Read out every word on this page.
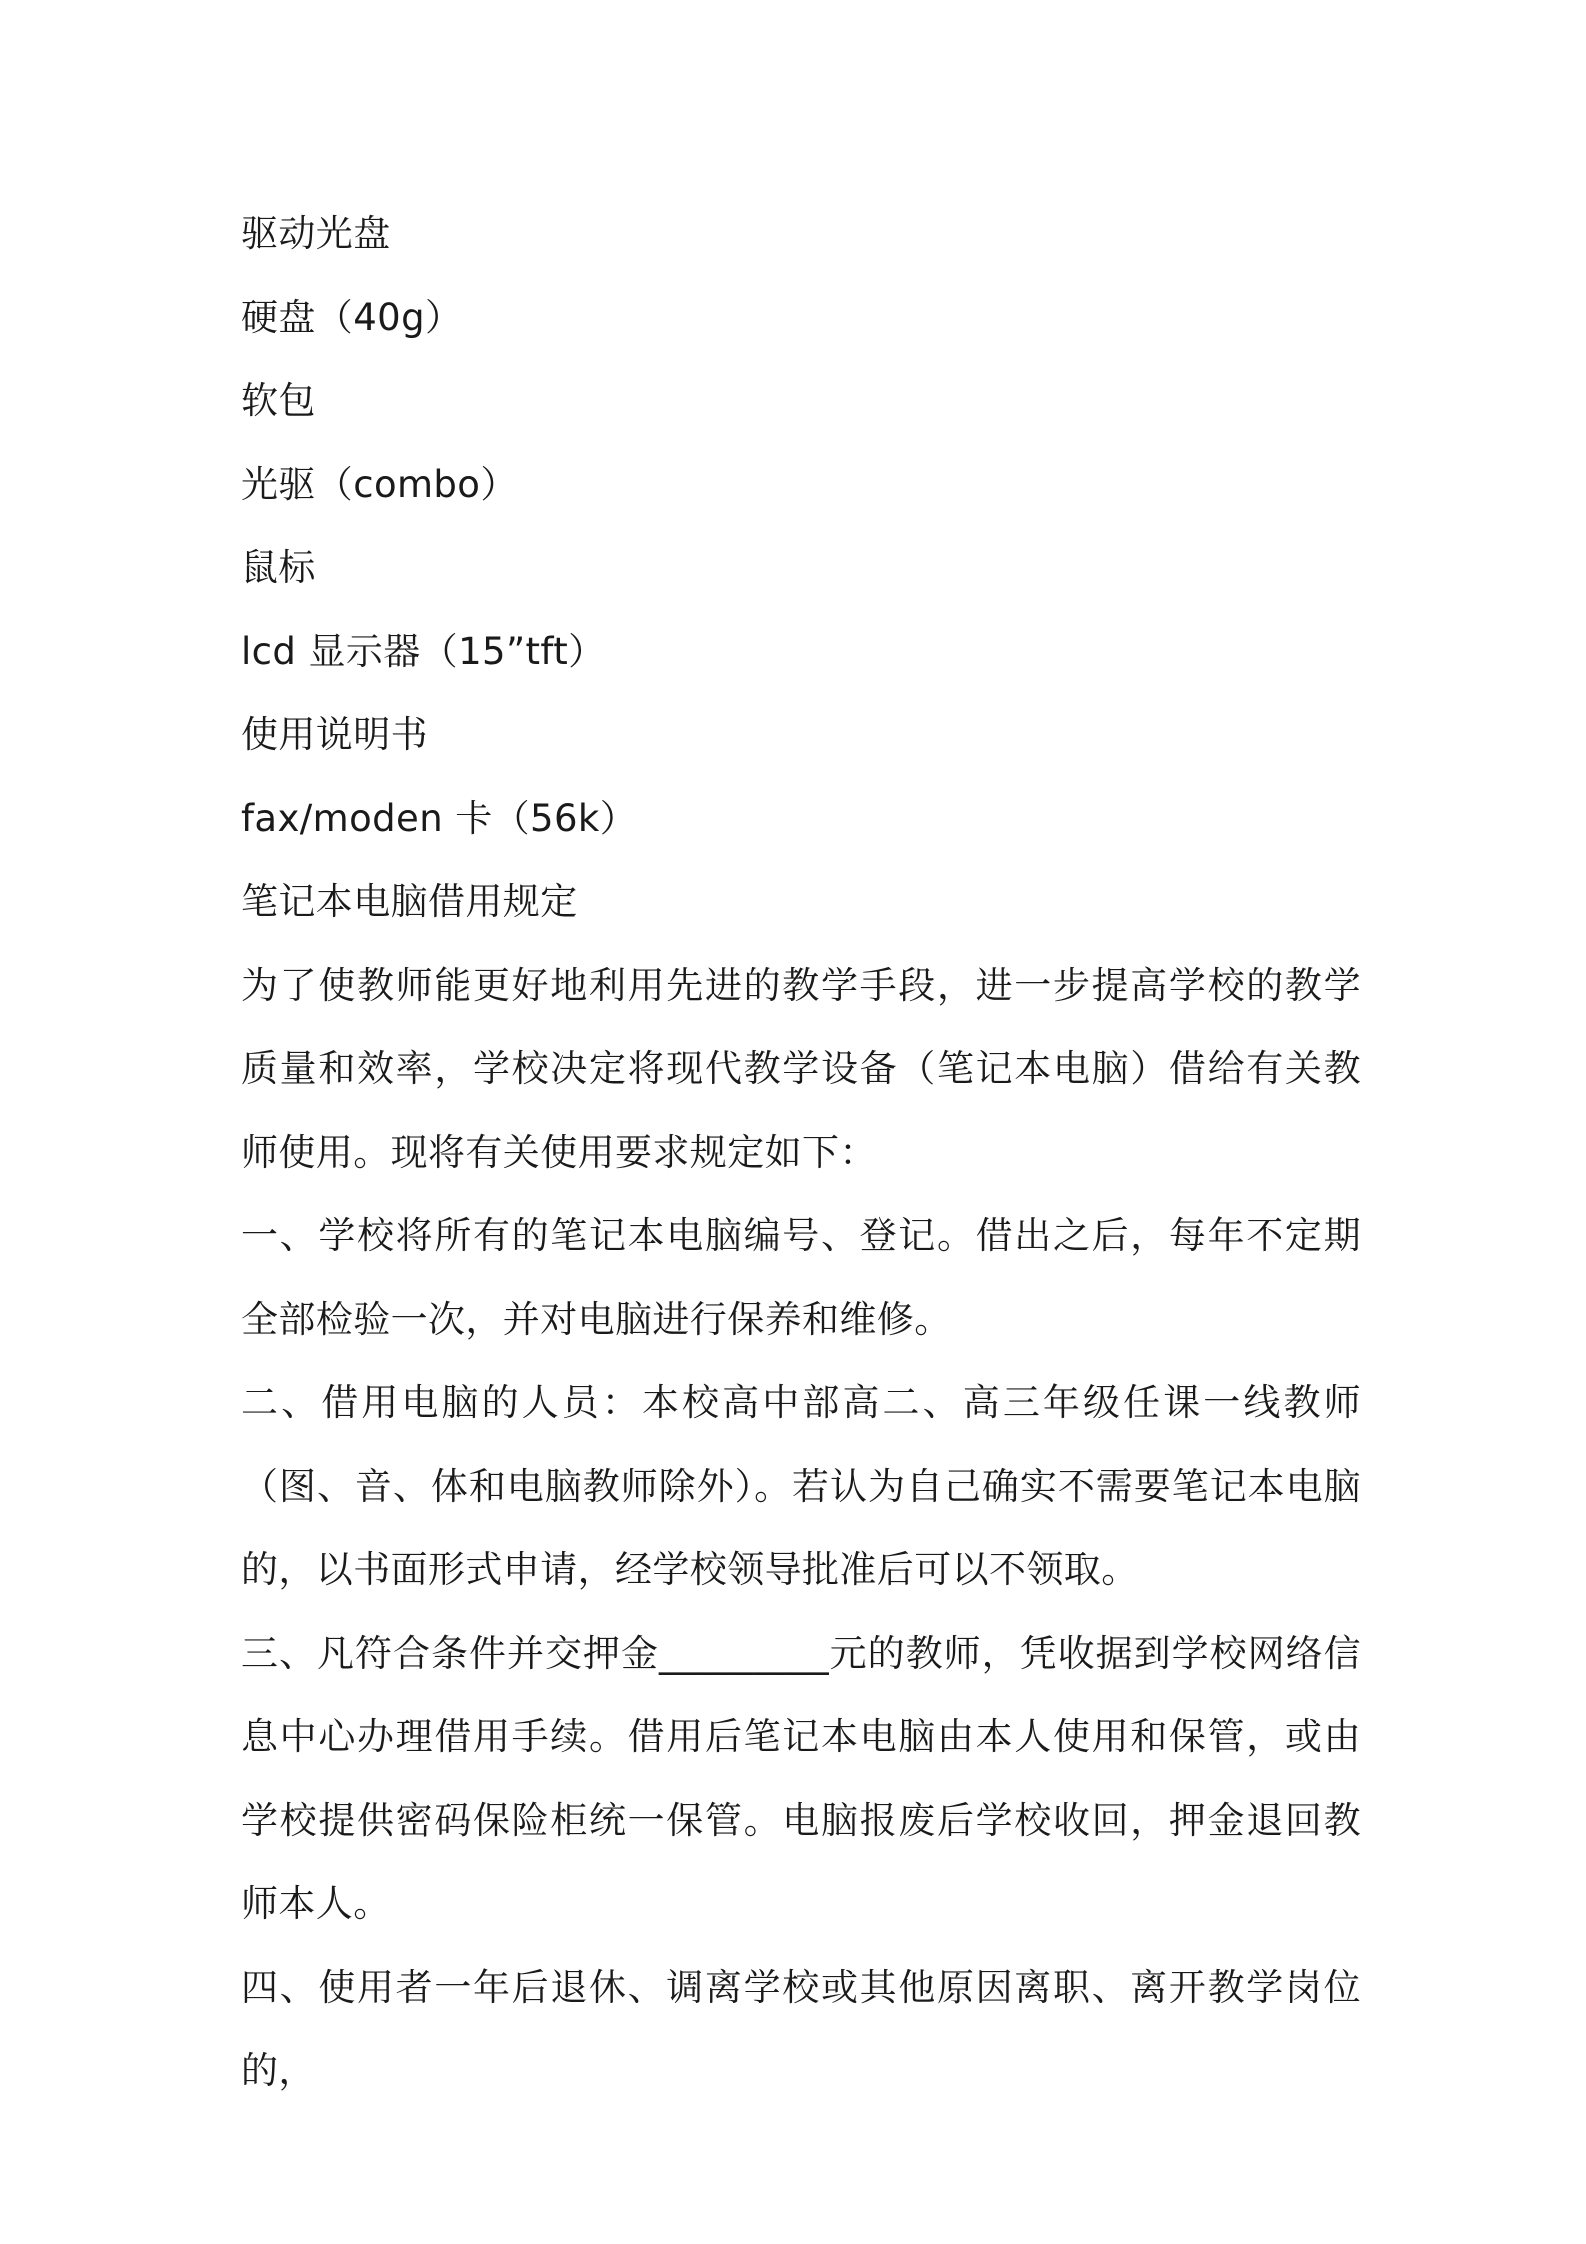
驱动光盘

硬盘（40g）

软包

光驱（combo）

鼠标

lcd 显示器（15”tft）

使用说明书

fax/moden 卡（56k）

笔记本电脑借用规定

为了使教师能更好地利用先进的教学手段，进一步提高学校的教学质量和效率，学校决定将现代教学设备（笔记本电脑）借给有关教师使用。现将有关使用要求规定如下：

一、学校将所有的笔记本电脑编号、登记。借出之后，每年不定期全部检验一次，并对电脑进行保养和维修。

二、借用电脑的人员：本校高中部高二、高三年级任课一线教师（图、音、体和电脑教师除外）。若认为自己确实不需要笔记本电脑的，以书面形式申请，经学校领导批准后可以不领取。

三、凡符合条件并交押金_________元的教师，凭收据到学校网络信息中心办理借用手续。借用后笔记本电脑由本人使用和保管，或由学校提供密码保险柜统一保管。电脑报废后学校收回，押金退回教师本人。

四、使用者一年后退休、调离学校或其他原因离职、离开教学岗位的，
